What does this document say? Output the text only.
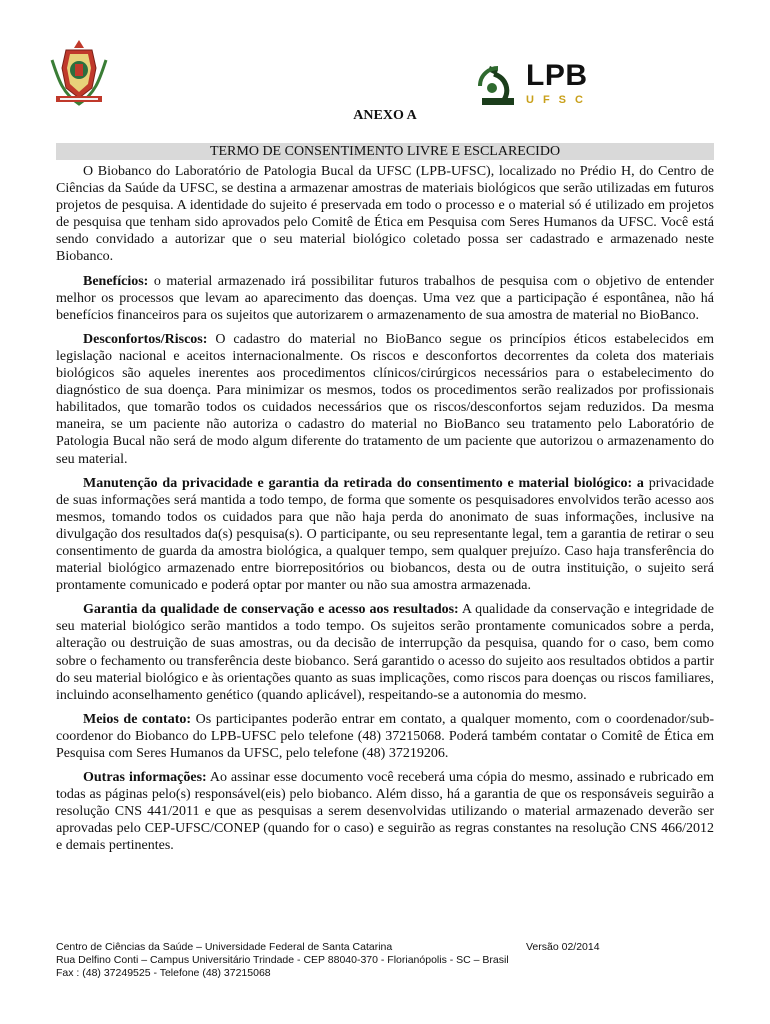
LPB
UFSC
ANEXO A
TERMO DE CONSENTIMENTO LIVRE E ESCLARECIDO

O Biobanco do Laboratório de Patologia Bucal da UFSC (LPB-UFSC), localizado no Prédio H, do Centro de Ciências da Saúde da UFSC, se destina a armazenar amostras de materiais biológicos que serão utilizadas em futuros projetos de pesquisa. A identidade do sujeito é preservada em todo o processo e o material só é utilizado em projetos de pesquisa que tenham sido aprovados pelo Comitê de Ética em Pesquisa com Seres Humanos da UFSC. Você está sendo convidado a autorizar que o seu material biológico coletado possa ser cadastrado e armazenado neste Biobanco.

Benefícios: o material armazenado irá possibilitar futuros trabalhos de pesquisa com o objetivo de entender melhor os processos que levam ao aparecimento das doenças. Uma vez que a participação é espontânea, não há benefícios financeiros para os sujeitos que autorizarem o armazenamento de sua amostra de material no BioBanco.

Desconfortos/Riscos: O cadastro do material no BioBanco segue os princípios éticos estabelecidos em legislação nacional e aceitos internacionalmente. Os riscos e desconfortos decorrentes da coleta dos materiais biológicos são aqueles inerentes aos procedimentos clínicos/cirúrgicos necessários para o estabelecimento do diagnóstico de sua doença. Para minimizar os mesmos, todos os procedimentos serão realizados por profissionais habilitados, que tomarão todos os cuidados necessários que os riscos/desconfortos sejam reduzidos. Da mesma maneira, se um paciente não autoriza o cadastro do material no BioBanco seu tratamento pelo Laboratório de Patologia Bucal não será de modo algum diferente do tratamento de um paciente que autorizou o armazenamento do seu material.

Manutenção da privacidade e garantia da retirada do consentimento e material biológico: a privacidade de suas informações será mantida a todo tempo, de forma que somente os pesquisadores envolvidos terão acesso aos mesmos, tomando todos os cuidados para que não haja perda do anonimato de suas informações, inclusive na divulgação dos resultados da(s) pesquisa(s). O participante, ou seu representante legal, tem a garantia de retirar o seu consentimento de guarda da amostra biológica, a qualquer tempo, sem qualquer prejuízo. Caso haja transferência do material biológico armazenado entre biorrepositórios ou biobancos, desta ou de outra instituição, o sujeito será prontamente comunicado e poderá optar por manter ou não sua amostra armazenada.

Garantia da qualidade de conservação e acesso aos resultados: A qualidade da conservação e integridade de seu material biológico serão mantidos a todo tempo. Os sujeitos serão prontamente comunicados sobre a perda, alteração ou destruição de suas amostras, ou da decisão de interrupção da pesquisa, quando for o caso, bem como sobre o fechamento ou transferência deste biobanco. Será garantido o acesso do sujeito aos resultados obtidos a partir do seu material biológico e às orientações quanto as suas implicações, como riscos para doenças ou riscos familiares, incluindo aconselhamento genético (quando aplicável), respeitando-se a autonomia do mesmo.

Meios de contato: Os participantes poderão entrar em contato, a qualquer momento, com o coordenador/sub-coordenor do Biobanco do LPB-UFSC pelo telefone (48) 37215068. Poderá também contatar o Comitê de Ética em Pesquisa com Seres Humanos da UFSC, pelo telefone (48) 37219206.

Outras informações: Ao assinar esse documento você receberá uma cópia do mesmo, assinado e rubricado em todas as páginas pelo(s) responsável(eis) pelo biobanco. Além disso, há a garantia de que os responsáveis seguirão a resolução CNS 441/2011 e que as pesquisas a serem desenvolvidas utilizando o material armazenado deverão ser aprovadas pelo CEP-UFSC/CONEP (quando for o caso) e seguirão as regras constantes na resolução CNS 466/2012 e demais pertinentes.

Centro de Ciências da Saúde – Universidade Federal de Santa Catarina	Versão 02/2014
Rua Delfino Conti – Campus Universitário Trindade - CEP 88040-370 - Florianópolis - SC – Brasil
Fax : (48) 37249525 - Telefone (48) 37215068
